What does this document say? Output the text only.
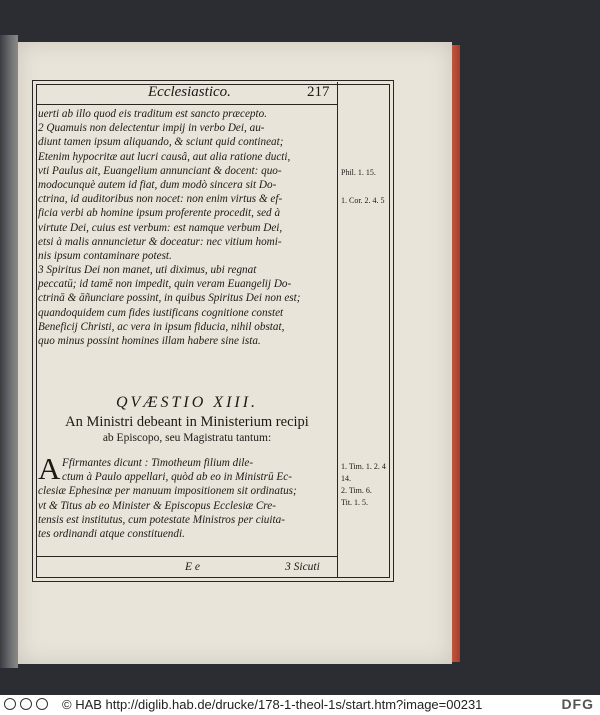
Ecclesiastico.	217
uerti ab illo quod eis traditum est sancto præcepto.
2 Quamuis non delectentur impij in verbo Dei, au-
diunt tamen ipsum aliquando, & sciunt quid contineat;
Etenim hypocritæ aut lucri causâ, aut alia ratione ducti,
vti Paulus ait, Euangelium annunciant & docent: quo-
modocunquè autem id fiat, dum modò sincera sit Do-
ctrina, id auditoribus non nocet: non enim virtus & ef-
ficia verbi ab homine ipsum proferente procedit, sed à
virtute Dei, cuius est verbum: est namque verbum Dei,
etsi à malis annuncietur & doceatur: nec vitium homi-
nis ipsum contaminare potest.
3 Spiritus Dei non manet, uti diximus, ubi regnat
peccatū; id tamē non impedit, quin veram Euangelij Do-
ctrinā & āñunciare possint, in quibus Spiritus Dei non est;
quandoquidem cum fides iustificans cognitione constet
Beneficij Christi, ac vera in ipsum fiducia, nihil obstat,
quo minus possint homines illam habere sine ista.
QVÆSTIO XIII.
An Ministri debeant in Ministerium recipi
ab Episcopo, seu Magistratu tantum:
A Ffirmantes dicunt : Timotheum filium dile-
ctum à Paulo appellari, quòd ab eo in Ministrū Ec-
clesiæ Ephesinæ per manuum impositionem sit ordinatus;
vt & Titus ab eo Minister & Episcopus Ecclesiæ Cre-
tensis est institutus, cum potestate Ministros per ciuita-
tes ordinandi atque constituendi.
Phil. 1. 15.
1. Cor. 2. 4. 5
1. Tim. 1. 2. 4
14.
2. Tim. 6.
Tit. 1. 5.
E e	3 Sicuti
© HAB http://diglib.hab.de/drucke/178-1-theol-1s/start.htm?image=00231	DFG
